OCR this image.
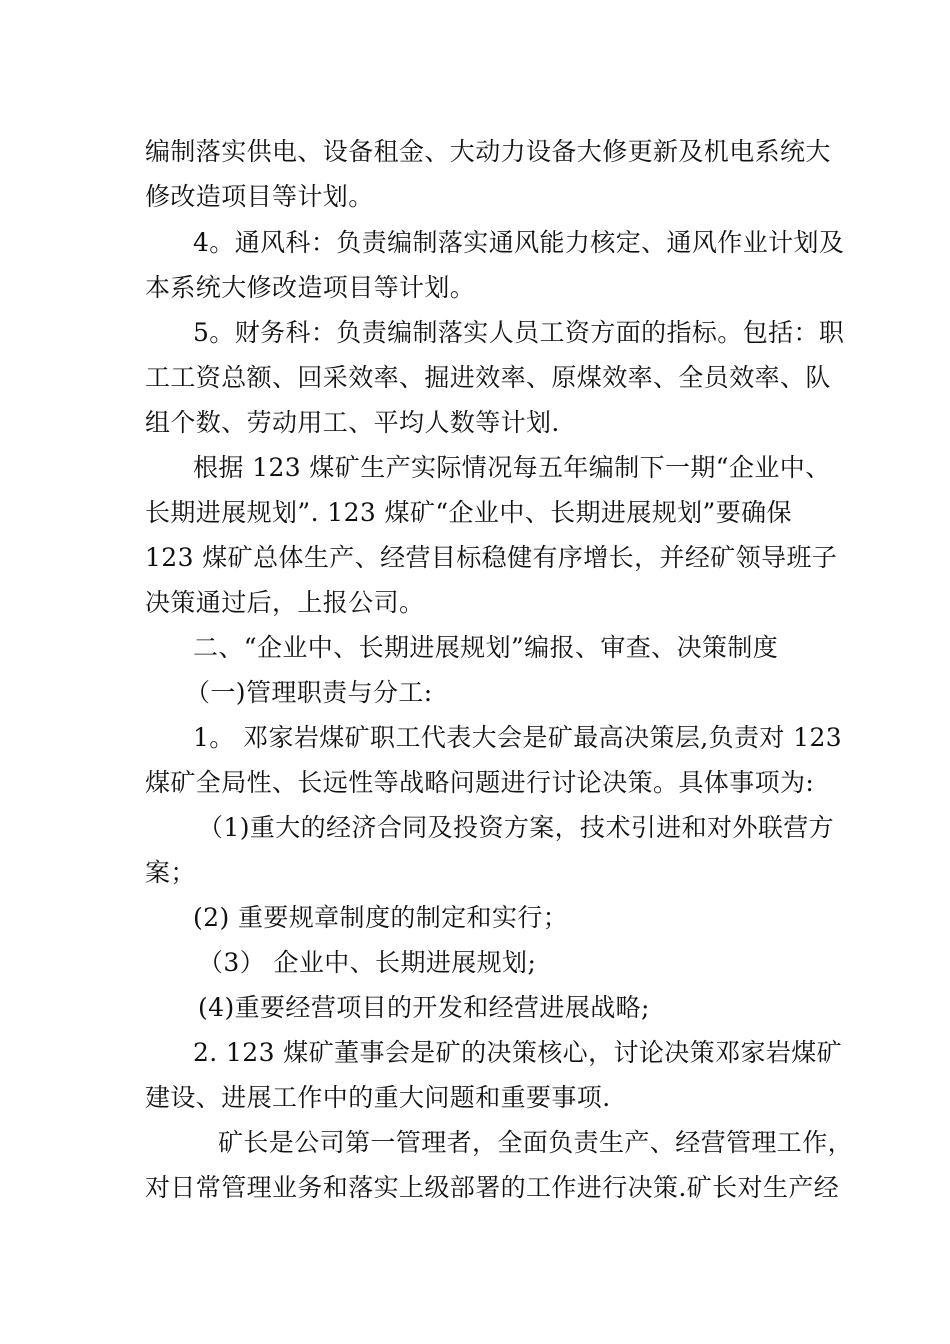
编制落实供电、设备租金、大动力设备大修更新及机电系统大
修改造项目等计划。
4。通风科：负责编制落实通风能力核定、通风作业计划及
本系统大修改造项目等计划。
5。财务科：负责编制落实人员工资方面的指标。包括：职
工工资总额、回采效率、掘进效率、原煤效率、全员效率、队
组个数、劳动用工、平均人数等计划.
根据 123 煤矿生产实际情况每五年编制下一期“企业中、
长期进展规划”. 123 煤矿“企业中、长期进展规划”要确保
123 煤矿总体生产、经营目标稳健有序增长，并经矿领导班子
决策通过后，上报公司。
二、“企业中、长期进展规划”编报、审查、决策制度
（一)管理职责与分工:
1。 邓家岩煤矿职工代表大会是矿最高决策层,负责对 123
煤矿全局性、长远性等战略问题进行讨论决策。具体事项为:
（1)重大的经济合同及投资方案，技术引进和对外联营方
案；
(2) 重要规章制度的制定和实行；
（3） 企业中、长期进展规划;
(4)重要经营项目的开发和经营进展战略;
2. 123 煤矿董事会是矿的决策核心，讨论决策邓家岩煤矿
建设、进展工作中的重大问题和重要事项.
矿长是公司第一管理者，全面负责生产、经营管理工作，
对日常管理业务和落实上级部署的工作进行决策.矿长对生产经
